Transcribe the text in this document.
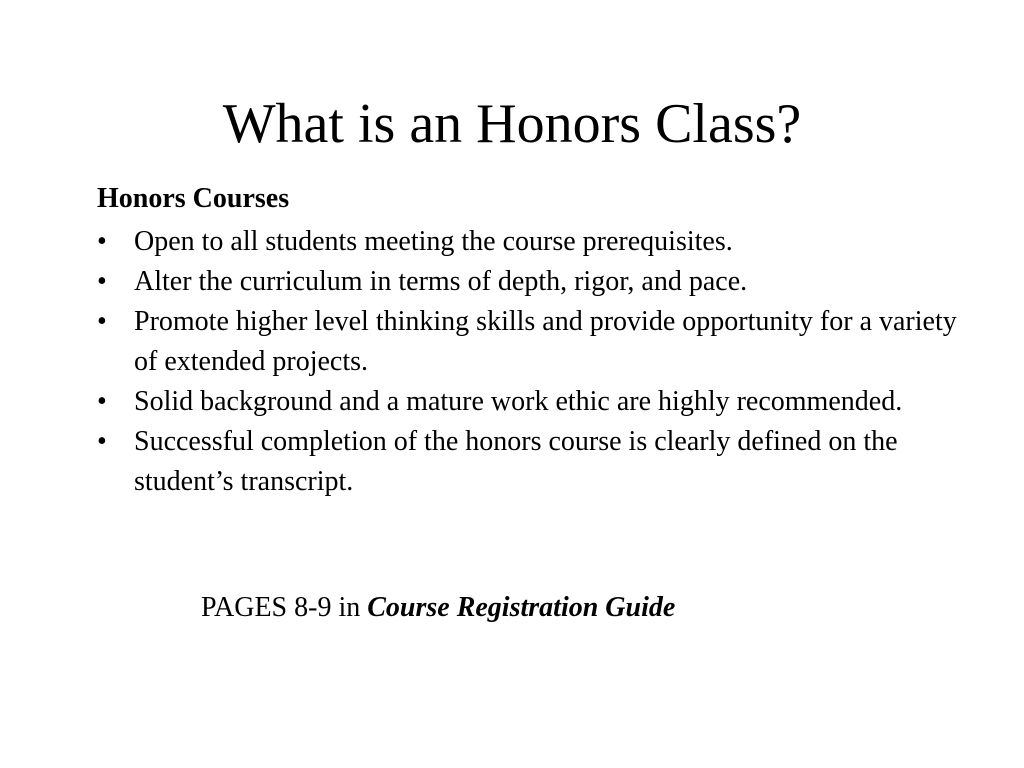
What is an Honors Class?
Honors Courses
• Open to all students meeting the course prerequisites.
• Alter the curriculum in terms of depth, rigor, and pace.
• Promote higher level thinking skills and provide opportunity for a variety of extended projects.
• Solid background and a mature work ethic are highly recommended.
• Successful completion of the honors course is clearly defined on the student’s transcript.

PAGES 8-9 in Course Registration Guide
